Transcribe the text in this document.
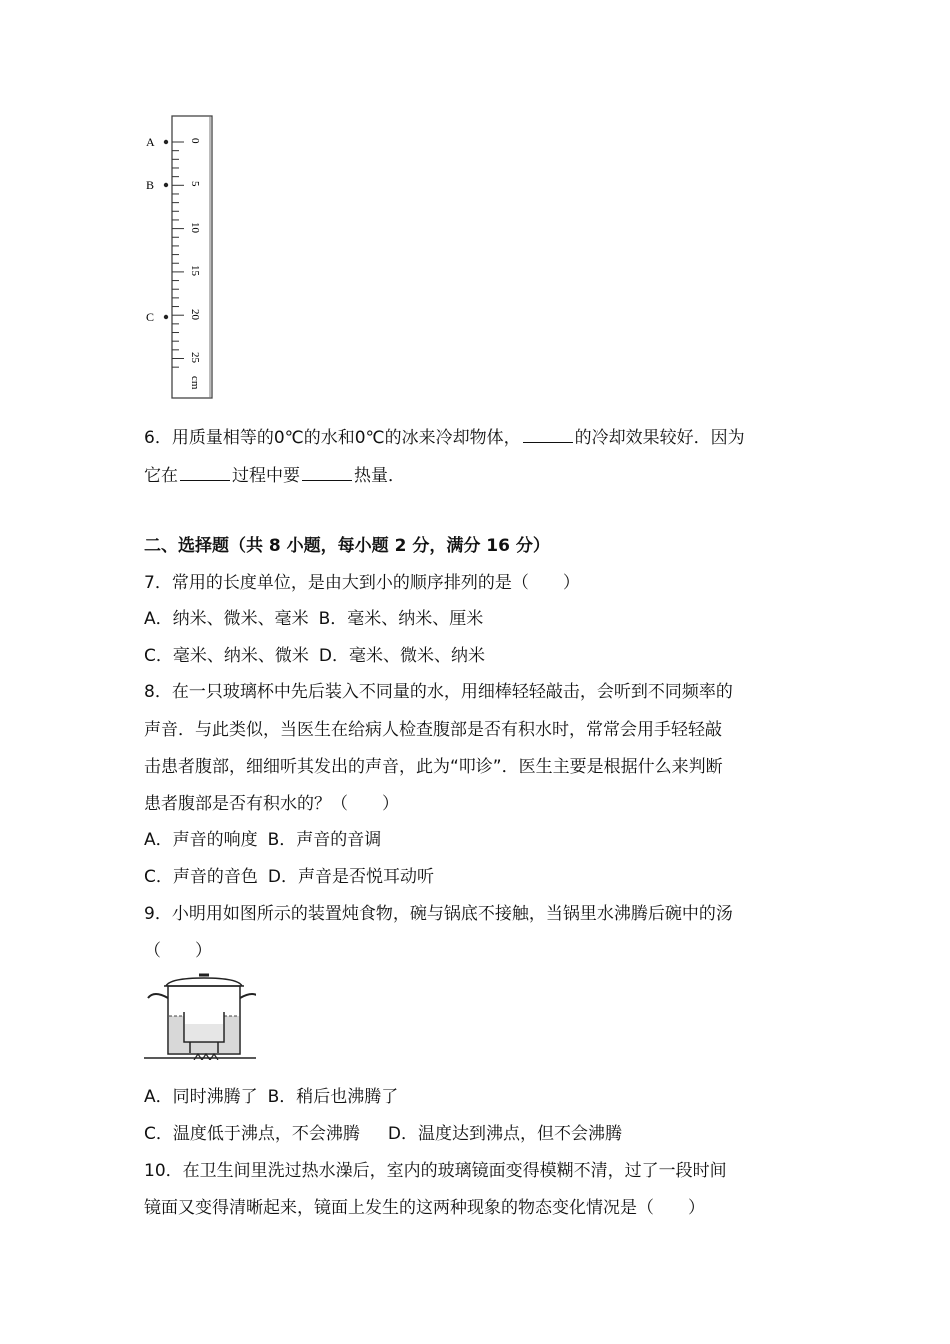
A
B
C
0
5
10
15
20
25
cm
6．用质量相等的0℃的水和0℃的冰来冷却物体，	的冷却效果较好．因为
它在	过程中要	热量．
二、选择题（共 8 小题，每小题 2 分，满分 16 分）
7．常用的长度单位，是由大到小的顺序排列的是（　　）
A．纳米、微米、毫米 B．毫米、纳米、厘米
C．毫米、纳米、微米 D．毫米、微米、纳米
8．在一只玻璃杯中先后装入不同量的水，用细棒轻轻敲击，会听到不同频率的
声音．与此类似，当医生在给病人检查腹部是否有积水时，常常会用手轻轻敲
击患者腹部，细细听其发出的声音，此为“叩诊”．医生主要是根据什么来判断
患者腹部是否有积水的？（　　）
A．声音的响度 B．声音的音调
C．声音的音色 D．声音是否悦耳动听
9．小明用如图所示的装置炖食物，碗与锅底不接触，当锅里水沸腾后碗中的汤
（　　）
A．同时沸腾了 B．稍后也沸腾了
C．温度低于沸点，不会沸腾 D．温度达到沸点，但不会沸腾
10．在卫生间里洗过热水澡后，室内的玻璃镜面变得模糊不清，过了一段时间
镜面又变得清晰起来，镜面上发生的这两种现象的物态变化情况是（　　）
